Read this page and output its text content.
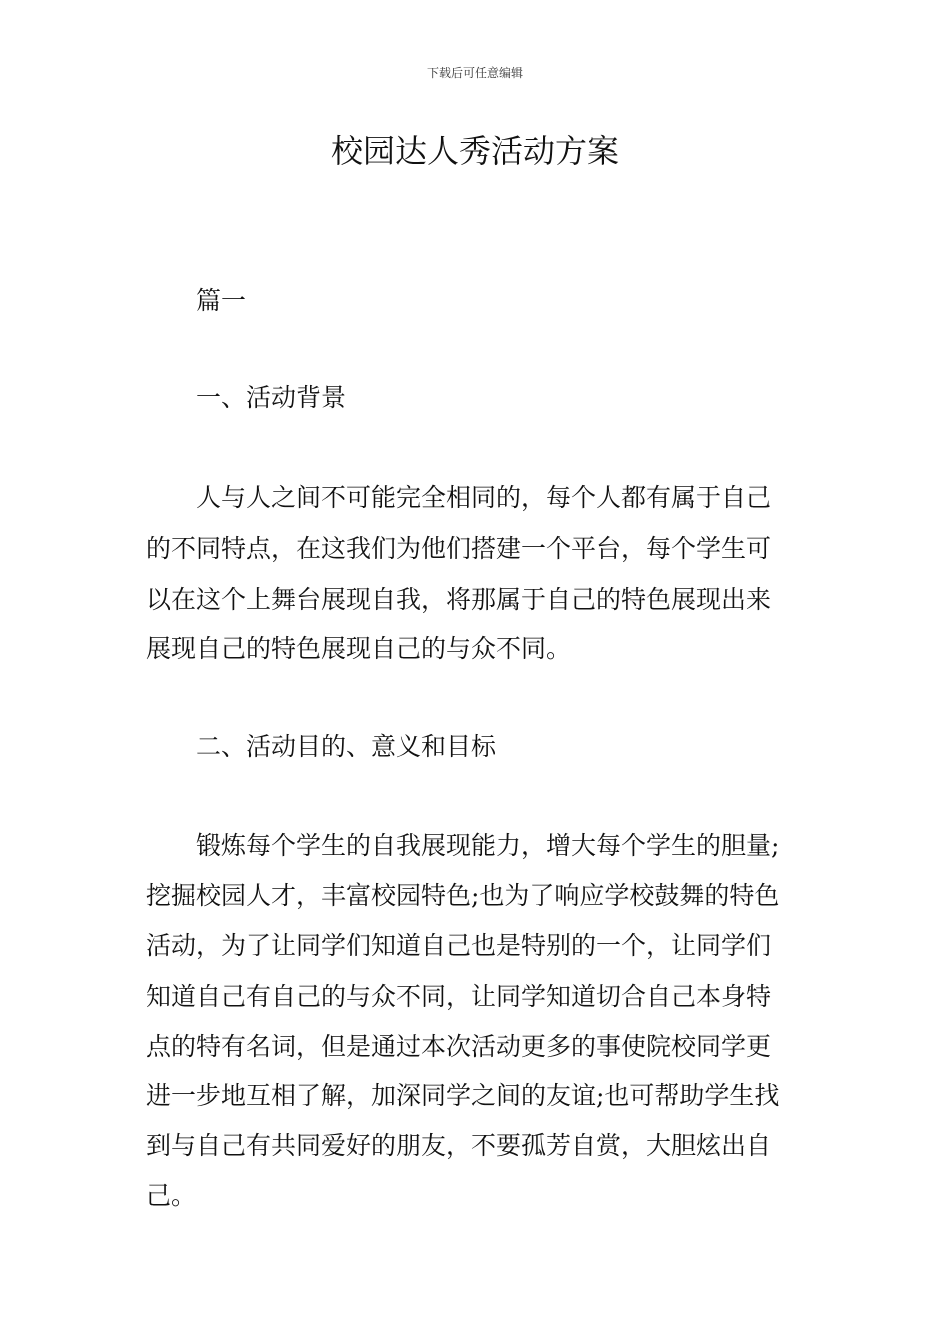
下载后可任意编辑
校园达人秀活动方案

篇一

一、活动背景

人与人之间不可能完全相同的，每个人都有属于自己

的不同特点，在这我们为他们搭建一个平台，每个学生可

以在这个上舞台展现自我，将那属于自己的特色展现出来

展现自己的特色展现自己的与众不同。

二、活动目的、意义和目标

锻炼每个学生的自我展现能力，增大每个学生的胆量;

挖掘校园人才，丰富校园特色;也为了响应学校鼓舞的特色

活动，为了让同学们知道自己也是特别的一个，让同学们

知道自己有自己的与众不同，让同学知道切合自己本身特

点的特有名词，但是通过本次活动更多的事使院校同学更

进一步地互相了解，加深同学之间的友谊;也可帮助学生找

到与自己有共同爱好的朋友，不要孤芳自赏，大胆炫出自

己。
